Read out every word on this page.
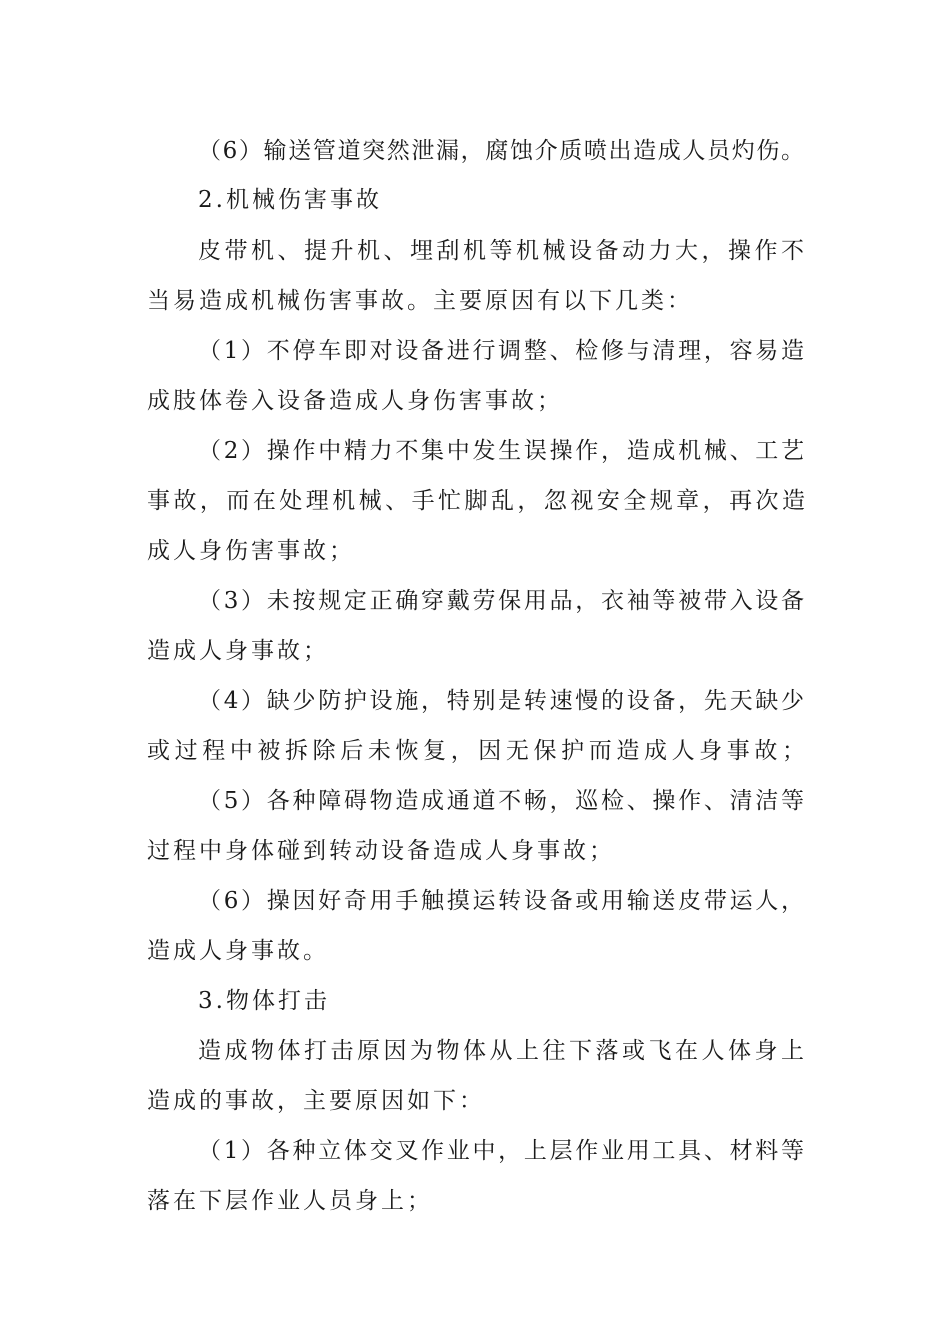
（6）输送管道突然泄漏，腐蚀介质喷出造成人员灼伤。
2.机械伤害事故
皮带机、提升机、埋刮机等机械设备动力大，操作不
当易造成机械伤害事故。主要原因有以下几类：
（1）不停车即对设备进行调整、检修与清理，容易造
成肢体卷入设备造成人身伤害事故；
（2）操作中精力不集中发生误操作，造成机械、工艺
事故，而在处理机械、手忙脚乱，忽视安全规章，再次造
成人身伤害事故；
（3）未按规定正确穿戴劳保用品，衣袖等被带入设备
造成人身事故；
（4）缺少防护设施，特别是转速慢的设备，先天缺少
或过程中被拆除后未恢复，因无保护而造成人身事故；
（5）各种障碍物造成通道不畅，巡检、操作、清洁等
过程中身体碰到转动设备造成人身事故；
（6）操因好奇用手触摸运转设备或用输送皮带运人，
造成人身事故。
3.物体打击
造成物体打击原因为物体从上往下落或飞在人体身上
造成的事故，主要原因如下：
（1）各种立体交叉作业中，上层作业用工具、材料等
落在下层作业人员身上；
